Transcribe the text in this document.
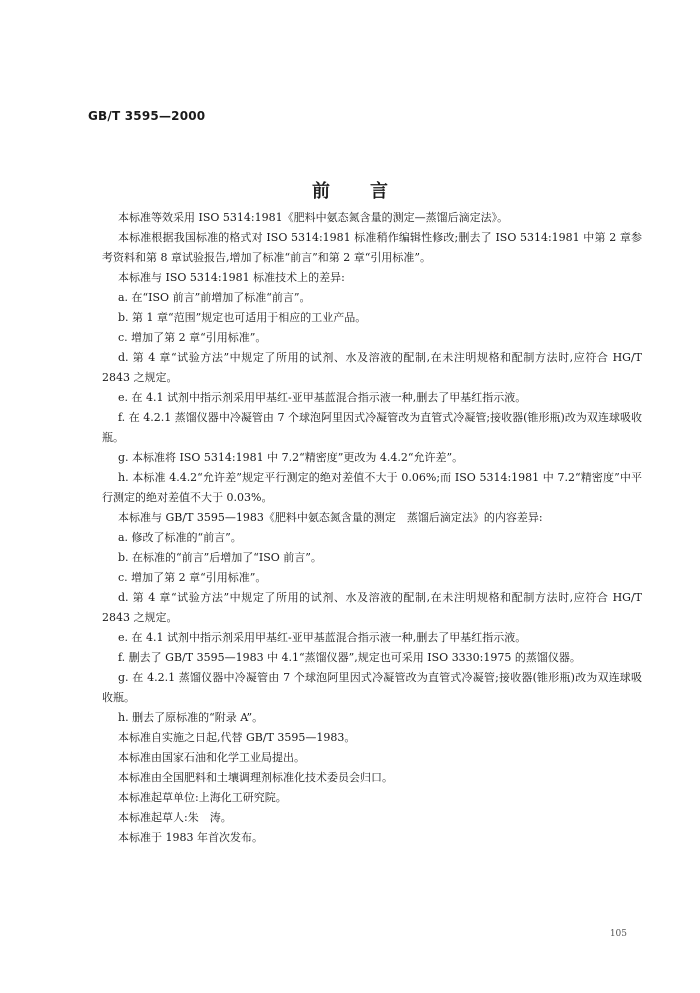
GB/T 3595—2000
前言

本标准等效采用 ISO 5314:1981《肥料中氨态氮含量的测定—蒸馏后滴定法》。

本标准根据我国标准的格式对 ISO 5314:1981 标准稍作编辑性修改;删去了 ISO 5314:1981 中第 2 章参考资料和第 8 章试验报告,增加了标准“前言”和第 2 章“引用标准”。

本标准与 ISO 5314:1981 标准技术上的差异:

a. 在“ISO 前言”前增加了标准“前言”。

b. 第 1 章“范围”规定也可适用于相应的工业产品。

c. 增加了第 2 章“引用标准”。

d. 第 4 章“试验方法”中规定了所用的试剂、水及溶液的配制,在未注明规格和配制方法时,应符合 HG/T 2843 之规定。

e. 在 4.1 试剂中指示剂采用甲基红-亚甲基蓝混合指示液一种,删去了甲基红指示液。

f. 在 4.2.1 蒸馏仪器中冷凝管由 7 个球泡阿里因式冷凝管改为直管式冷凝管;接收器(锥形瓶)改为双连球吸收瓶。

g. 本标准将 ISO 5314:1981 中 7.2“精密度”更改为 4.4.2“允许差”。

h. 本标准 4.4.2“允许差”规定平行测定的绝对差值不大于 0.06%;而 ISO 5314:1981 中 7.2“精密度”中平行测定的绝对差值不大于 0.03%。

本标准与 GB/T 3595—1983《肥料中氨态氮含量的测定　蒸馏后滴定法》的内容差异:

a. 修改了标准的“前言”。

b. 在标准的“前言”后增加了“ISO 前言”。

c. 增加了第 2 章“引用标准”。

d. 第 4 章“试验方法”中规定了所用的试剂、水及溶液的配制,在未注明规格和配制方法时,应符合 HG/T 2843 之规定。

e. 在 4.1 试剂中指示剂采用甲基红-亚甲基蓝混合指示液一种,删去了甲基红指示液。

f. 删去了 GB/T 3595—1983 中 4.1“蒸馏仪器”,规定也可采用 ISO 3330:1975 的蒸馏仪器。

g. 在 4.2.1 蒸馏仪器中冷凝管由 7 个球泡阿里因式冷凝管改为直管式冷凝管;接收器(锥形瓶)改为双连球吸收瓶。

h. 删去了原标准的“附录 A”。

本标准自实施之日起,代替 GB/T 3595—1983。

本标准由国家石油和化学工业局提出。

本标准由全国肥料和土壤调理剂标准化技术委员会归口。

本标准起草单位:上海化工研究院。

本标准起草人:朱　涛。

本标准于 1983 年首次发布。

105
